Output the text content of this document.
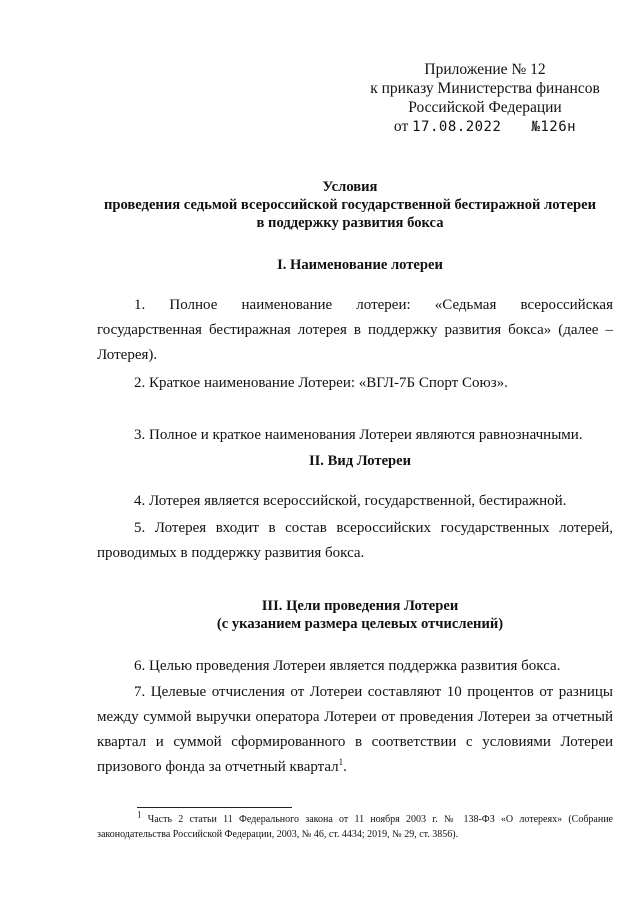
Приложение № 12
к приказу Министерства финансов
Российской Федерации
от 17.08.2022 №126н
Условия
проведения седьмой всероссийской государственной бестиражной лотереи
в поддержку развития бокса
I. Наименование лотереи
1. Полное наименование лотереи: «Седьмая всероссийская государственная бестиражная лотерея в поддержку развития бокса» (далее – Лотерея).
2. Краткое наименование Лотереи: «ВГЛ-7Б Спорт Союз».
3. Полное и краткое наименования Лотереи являются равнозначными.
II. Вид Лотереи
4. Лотерея является всероссийской, государственной, бестиражной.
5. Лотерея входит в состав всероссийских государственных лотерей, проводимых в поддержку развития бокса.
III. Цели проведения Лотереи
(с указанием размера целевых отчислений)
6. Целью проведения Лотереи является поддержка развития бокса.
7. Целевые отчисления от Лотереи составляют 10 процентов от разницы между суммой выручки оператора Лотереи от проведения Лотереи за отчетный квартал и суммой сформированного в соответствии с условиями Лотереи призового фонда за отчетный квартал$^1$.
$^1$ Часть 2 статьи 11 Федерального закона от 11 ноября 2003 г. № 138-ФЗ «О лотереях» (Собрание законодательства Российской Федерации, 2003, № 46, ст. 4434; 2019, № 29, ст. 3856).
